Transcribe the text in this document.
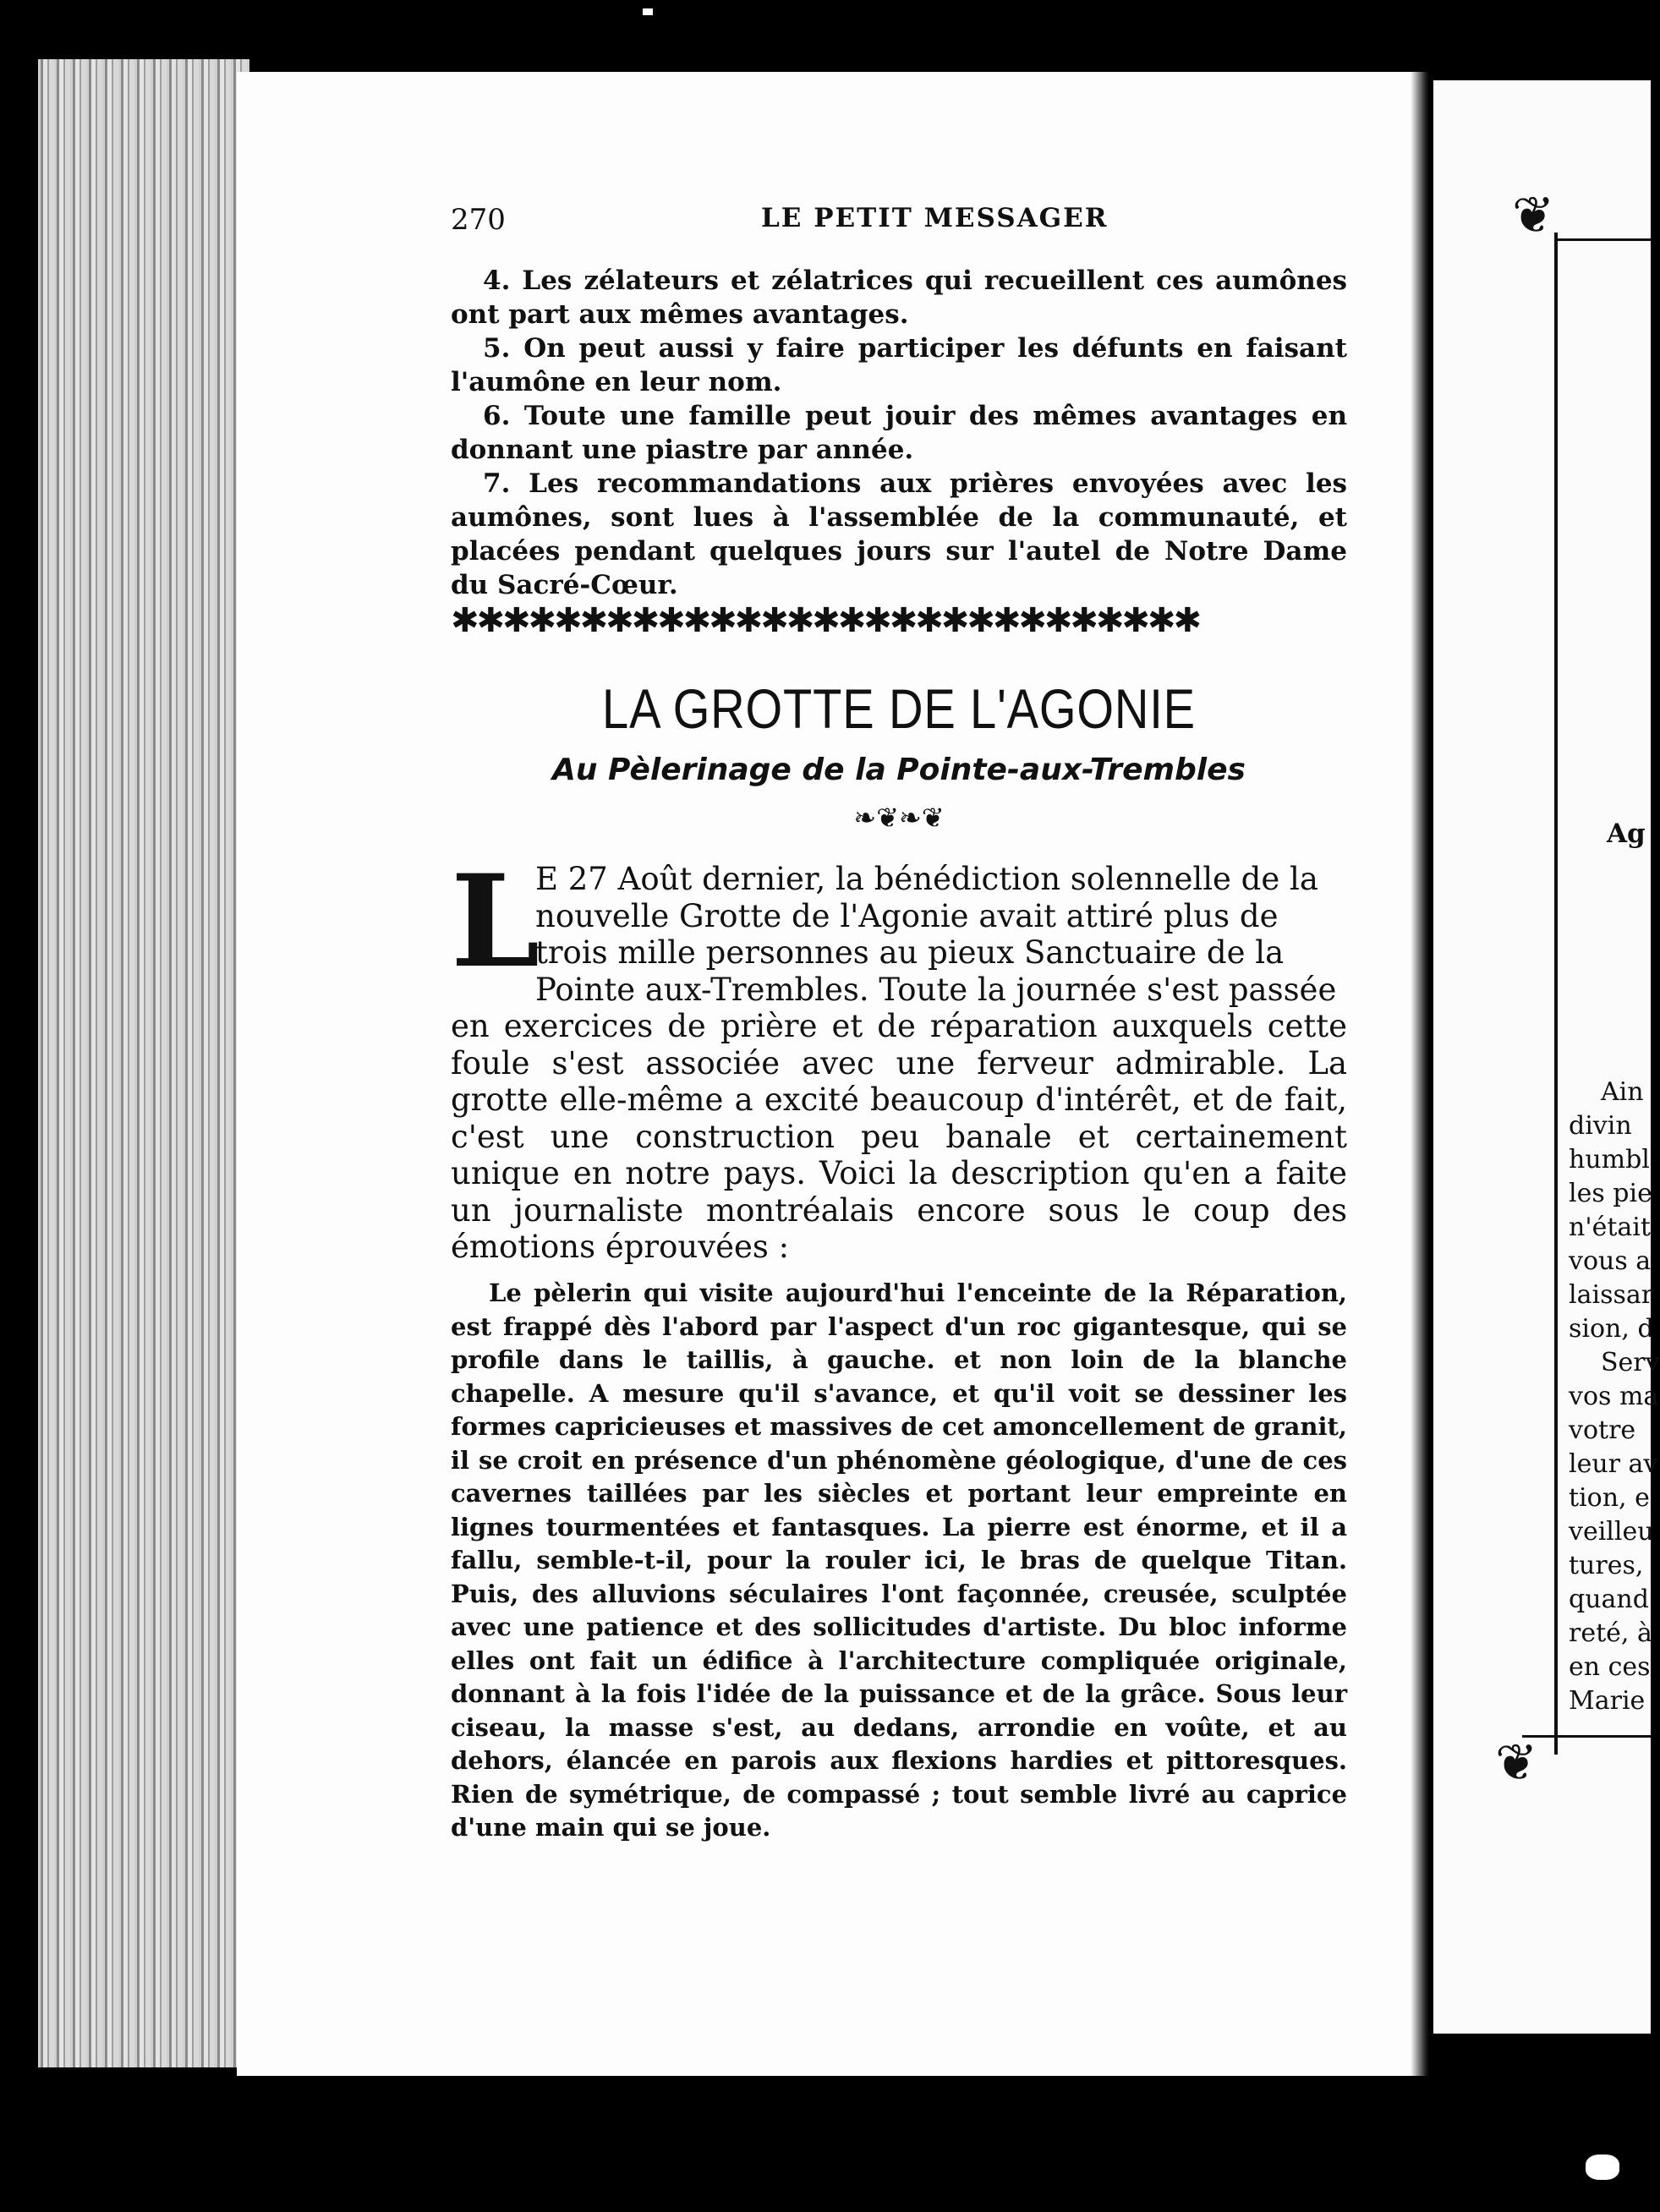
270	LE PETIT MESSAGER
4. Les zélateurs et zélatrices qui recueillent ces aumônes ont part aux mêmes avantages.
5. On peut aussi y faire participer les défunts en faisant l'aumône en leur nom.
6. Toute une famille peut jouir des mêmes avantages en donnant une piastre par année.
7. Les recommandations aux prières envoyées avec les aumônes, sont lues à l'assemblée de la communauté, et placées pendant quelques jours sur l'autel de Notre Dame du Sacré-Cœur.
✱✱✱✱✱✱✱✱✱✱✱✱✱✱✱✱✱✱✱✱✱✱✱✱✱✱✱✱✱
LA GROTTE DE L'AGONIE
Au Pèlerinage de la Pointe-aux-Trembles
❧❦❧❦
L
E 27 Août dernier, la bénédiction solennelle de la
nouvelle Grotte de l'Agonie avait attiré plus de
trois mille personnes au pieux Sanctuaire de la
Pointe aux-Trembles. Toute la journée s'est passée
en exercices de prière et de réparation auxquels cette foule s'est associée avec une ferveur admirable. La grotte elle-même a excité beaucoup d'intérêt, et de fait, c'est une construction peu banale et certainement unique en notre pays. Voici la description qu'en a faite un journaliste montréalais encore sous le coup des émotions éprouvées :
Le pèlerin qui visite aujourd'hui l'enceinte de la Réparation, est frappé dès l'abord par l'aspect d'un roc gigantesque, qui se profile dans le taillis, à gauche. et non loin de la blanche chapelle. A mesure qu'il s'avance, et qu'il voit se dessiner les formes capricieuses et massives de cet amoncellement de granit, il se croit en présence d'un phénomène géologique, d'une de ces cavernes taillées par les siècles et portant leur empreinte en lignes tourmentées et fantasques. La pierre est énorme, et il a fallu, semble-t-il, pour la rouler ici, le bras de quelque Titan. Puis, des alluvions séculaires l'ont façonnée, creusée, sculptée avec une patience et des sollicitudes d'artiste. Du bloc informe elles ont fait un édifice à l'architecture compliquée originale, donnant à la fois l'idée de la puissance et de la grâce. Sous leur ciseau, la masse s'est, au dedans, arrondie en voûte, et au dehors, élancée en parois aux flexions hardies et pittoresques. Rien de symétrique, de compassé ; tout semble livré au caprice d'une main qui se joue.
❦
❦
Ag
Ain
divin
humbl
les pie
n'était
vous a
laissar
sion, d
Serv
vos ma
votre
leur av
tion, e
veilleu
tures,
quand
reté, à
en ces
Marie
